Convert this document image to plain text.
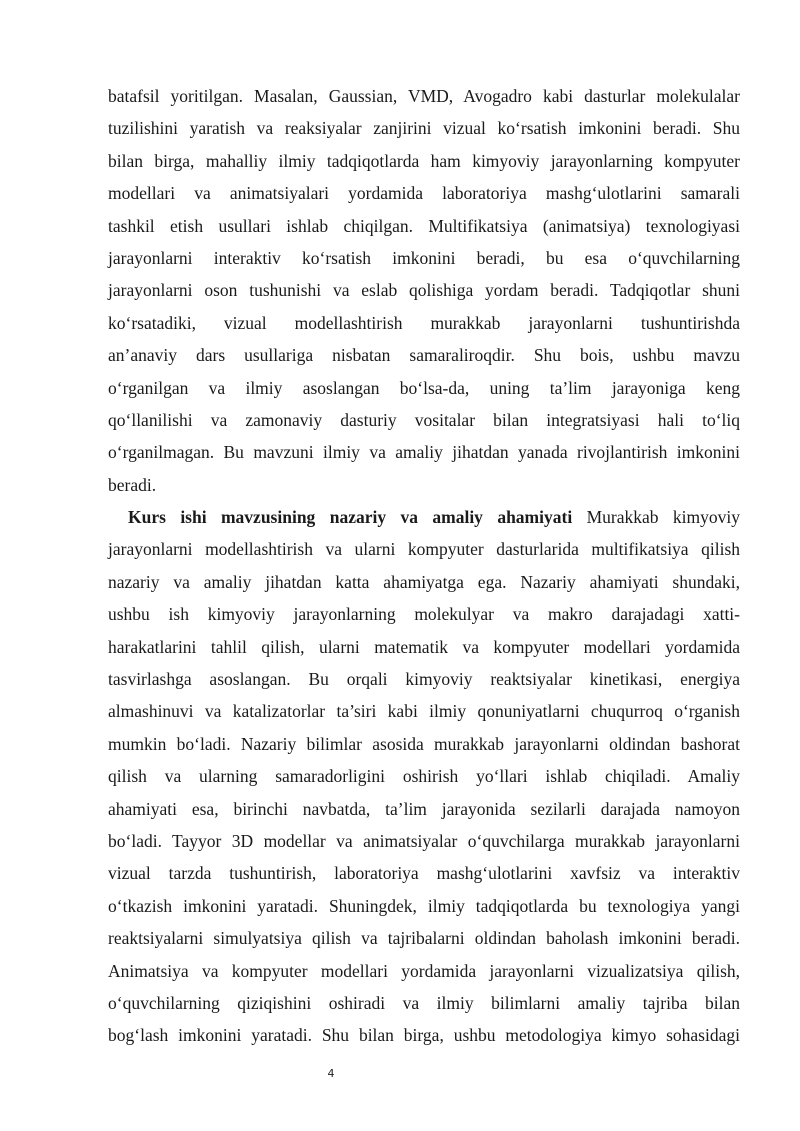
batafsil yoritilgan. Masalan, Gaussian, VMD, Avogadro kabi dasturlar molekulalar
tuzilishini yaratish va reaksiyalar zanjirini vizual ko‘rsatish imkonini beradi. Shu
bilan birga, mahalliy ilmiy tadqiqotlarda ham kimyoviy jarayonlarning kompyuter
modellari va animatsiyalari yordamida laboratoriya mashg‘ulotlarini samarali
tashkil etish usullari ishlab chiqilgan. Multifikatsiya (animatsiya) texnologiyasi
jarayonlarni interaktiv ko‘rsatish imkonini beradi, bu esa o‘quvchilarning
jarayonlarni oson tushunishi va eslab qolishiga yordam beradi. Tadqiqotlar shuni
ko‘rsatadiki, vizual modellashtirish murakkab jarayonlarni tushuntirishda
an’anaviy dars usullariga nisbatan samaraliroqdir. Shu bois, ushbu mavzu
o‘rganilgan va ilmiy asoslangan bo‘lsa-da, uning ta’lim jarayoniga keng
qo‘llanilishi va zamonaviy dasturiy vositalar bilan integratsiyasi hali to‘liq
o‘rganilmagan. Bu mavzuni ilmiy va amaliy jihatdan yanada rivojlantirish imkonini
beradi.
Kurs ishi mavzusining nazariy va amaliy ahamiyati Murakkab kimyoviy
jarayonlarni modellashtirish va ularni kompyuter dasturlarida multifikatsiya qilish
nazariy va amaliy jihatdan katta ahamiyatga ega. Nazariy ahamiyati shundaki,
ushbu ish kimyoviy jarayonlarning molekulyar va makro darajadagi xatti-
harakatlarini tahlil qilish, ularni matematik va kompyuter modellari yordamida
tasvirlashga asoslangan. Bu orqali kimyoviy reaktsiyalar kinetikasi, energiya
almashinuvi va katalizatorlar ta’siri kabi ilmiy qonuniyatlarni chuqurroq o‘rganish
mumkin bo‘ladi. Nazariy bilimlar asosida murakkab jarayonlarni oldindan bashorat
qilish va ularning samaradorligini oshirish yo‘llari ishlab chiqiladi. Amaliy
ahamiyati esa, birinchi navbatda, ta’lim jarayonida sezilarli darajada namoyon
bo‘ladi. Tayyor 3D modellar va animatsiyalar o‘quvchilarga murakkab jarayonlarni
vizual tarzda tushuntirish, laboratoriya mashg‘ulotlarini xavfsiz va interaktiv
o‘tkazish imkonini yaratadi. Shuningdek, ilmiy tadqiqotlarda bu texnologiya yangi
reaktsiyalarni simulyatsiya qilish va tajribalarni oldindan baholash imkonini beradi.
Animatsiya va kompyuter modellari yordamida jarayonlarni vizualizatsiya qilish,
o‘quvchilarning qiziqishini oshiradi va ilmiy bilimlarni amaliy tajriba bilan
bog‘lash imkonini yaratadi. Shu bilan birga, ushbu metodologiya kimyo sohasidagi
4
